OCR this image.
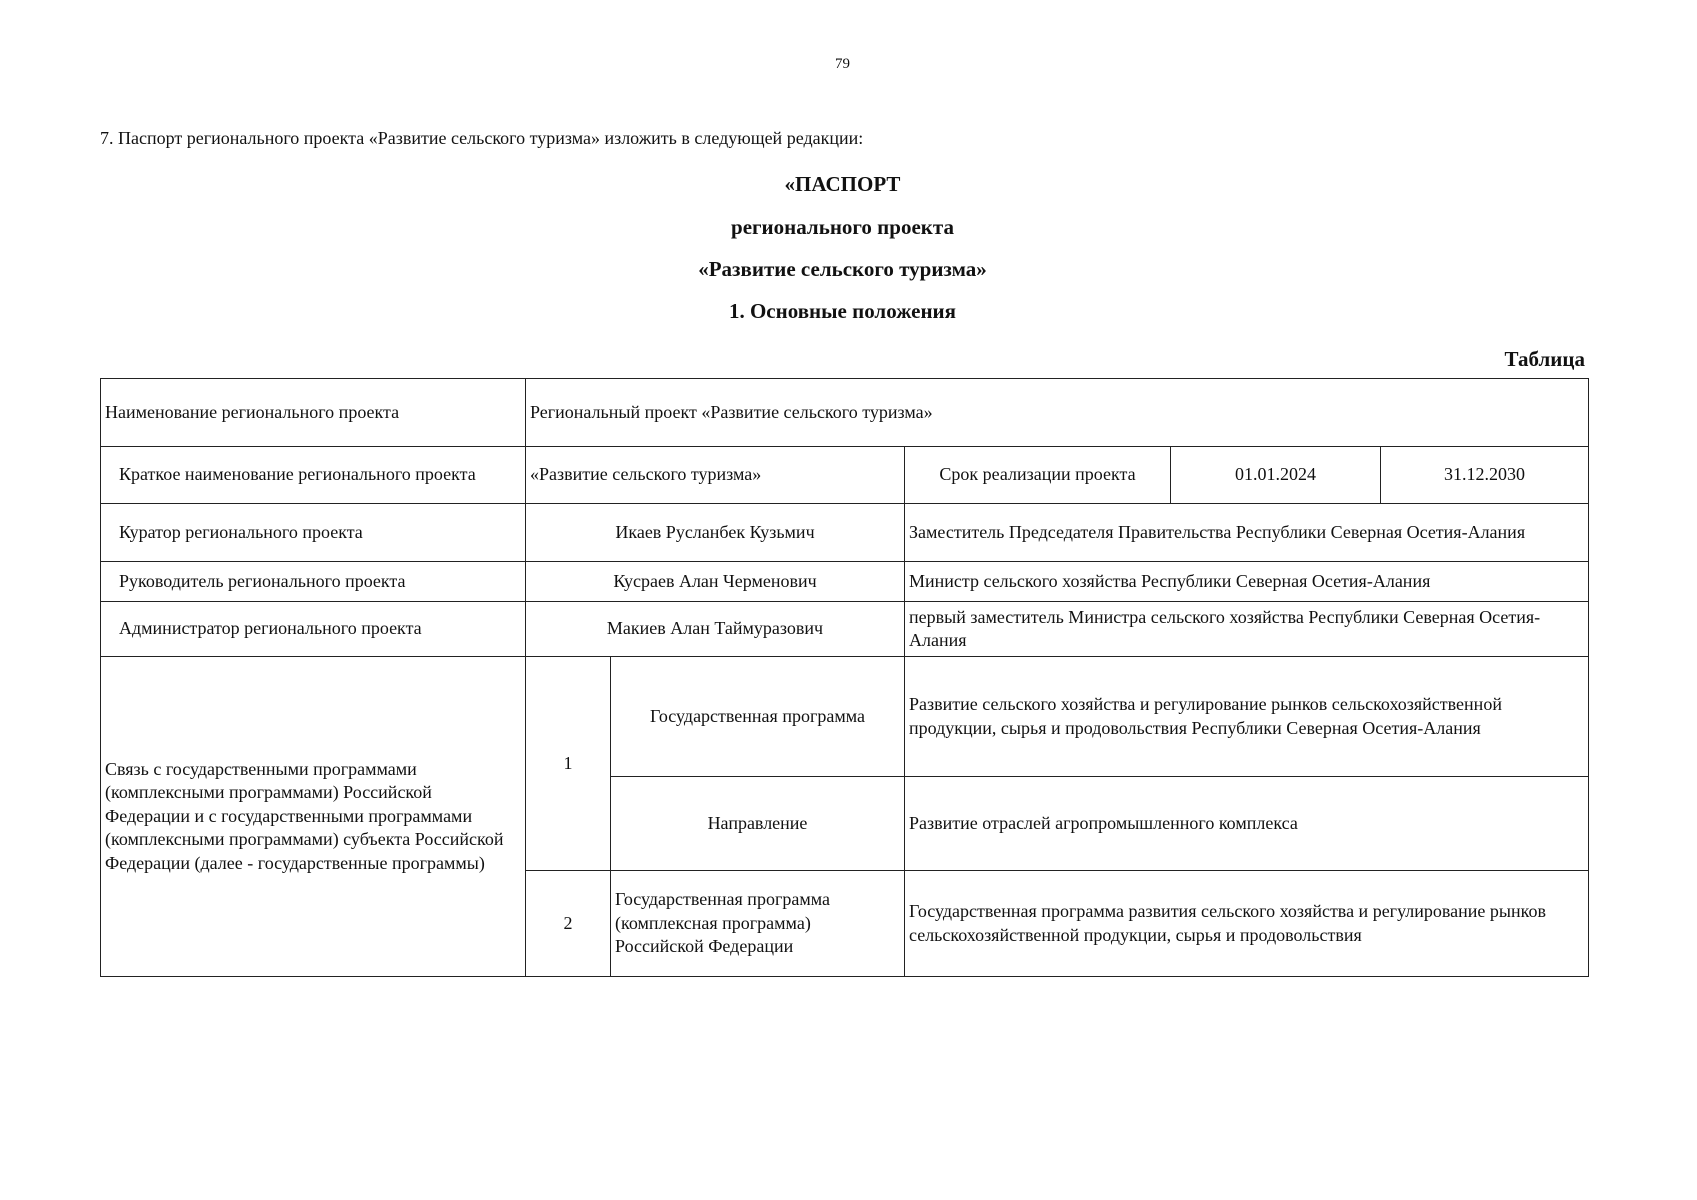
79
7. Паспорт регионального проекта «Развитие сельского туризма» изложить в следующей редакции:
«ПАСПОРТ
регионального проекта
«Развитие сельского туризма»
1. Основные положения
Таблица
Наименование регионального проекта	Региональный проект «Развитие сельского туризма»				
Краткое наименование регионального проекта	«Развитие сельского туризма»		Срок реализации проекта	01.01.2024	31.12.2030
Куратор регионального проекта	Икаев Русланбек Кузьмич		Заместитель Председателя Правительства Республики Северная Осетия-Алания		
Руководитель регионального проекта	Кусраев Алан Черменович		Министр сельского хозяйства Республики Северная Осетия-Алания		
Администратор регионального проекта	Макиев Алан Таймуразович		первый заместитель Министра сельского хозяйства Республики Северная Осетия-Алания		
Связь с государственными программами (комплексными программами) Российской Федерации и с государственными программами (комплексными программами) субъекта Российской Федерации (далее - государственные программы)	1	Государственная программа	Развитие сельского хозяйства и регулирование рынков сельскохозяйственной продукции, сырья и продовольствия Республики Северная Осетия-Алания		
		Направление	Развитие отраслей агропромышленного комплекса		
	2	Государственная программа (комплексная программа) Российской Федерации	Государственная программа развития сельского хозяйства и регулирование рынков сельскохозяйственной продукции, сырья и продовольствия		
